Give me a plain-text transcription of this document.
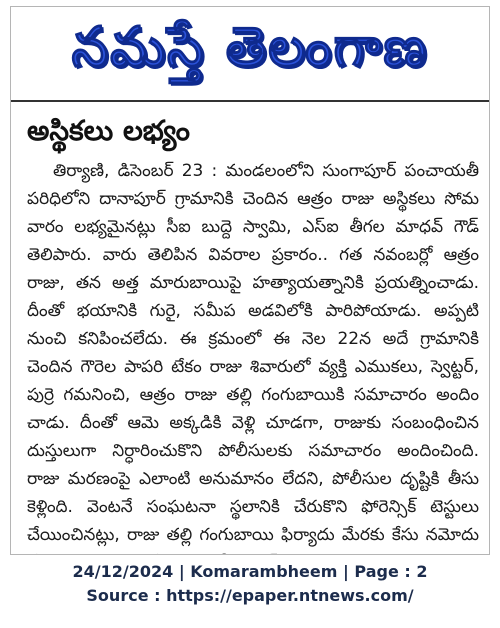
నమస్తే తెలంగాణ
అస్థికలు లభ్యం
తిర్యాణి, డిసెంబర్ 23 : మండలంలోని సుంగాపూర్ పంచాయతీ
పరిధిలోని దానాపూర్ గ్రామానికి చెందిన ఆత్రం రాజు అస్థికలు సోమ
వారం లభ్యమైనట్లు సీఐ బుద్దె స్వామి, ఎస్ఐ తీగల మాధవ్ గౌడ్
తెలిపారు. వారు తెలిపిన వివరాల ప్రకారం.. గత నవంబర్లో ఆత్రం
రాజు, తన అత్త మారుబాయిపై హత్యాయత్నానికి ప్రయత్నించాడు.
దీంతో భయానికి గురై, సమీప అడవిలోకి పారిపోయాడు. అప్పటి
నుంచి కనిపించలేదు. ఈ క్రమంలో ఈ నెల 22న అదే గ్రామానికి
చెందిన గౌరెల పాపరి టేకం రాజు శివారులో వ్యక్తి ఎముకలు, స్వెట్టర్,
పుర్రె గమనించి, ఆత్రం రాజు తల్లి గంగుబాయికి సమాచారం అందిం
చాడు. దీంతో ఆమె అక్కడికి వెళ్లి చూడగా, రాజుకు సంబంధించిన
దుస్తులుగా నిర్ధారించుకొని పోలీసులకు సమాచారం అందించింది.
రాజు మరణంపై ఎలాంటి అనుమానం లేదని, పోలీసుల దృష్టికి తీసు
కెళ్లింది. వెంటనే సంఘటనా స్థలానికి చేరుకొని ఫోరెన్సిక్ టెస్టులు
చేయించినట్లు, రాజు తల్లి గంగుబాయి ఫిర్యాదు మేరకు కేసు నమోదు
24/12/2024 | Komarambheem | Page : 2
Source : https://epaper.ntnews.com/
